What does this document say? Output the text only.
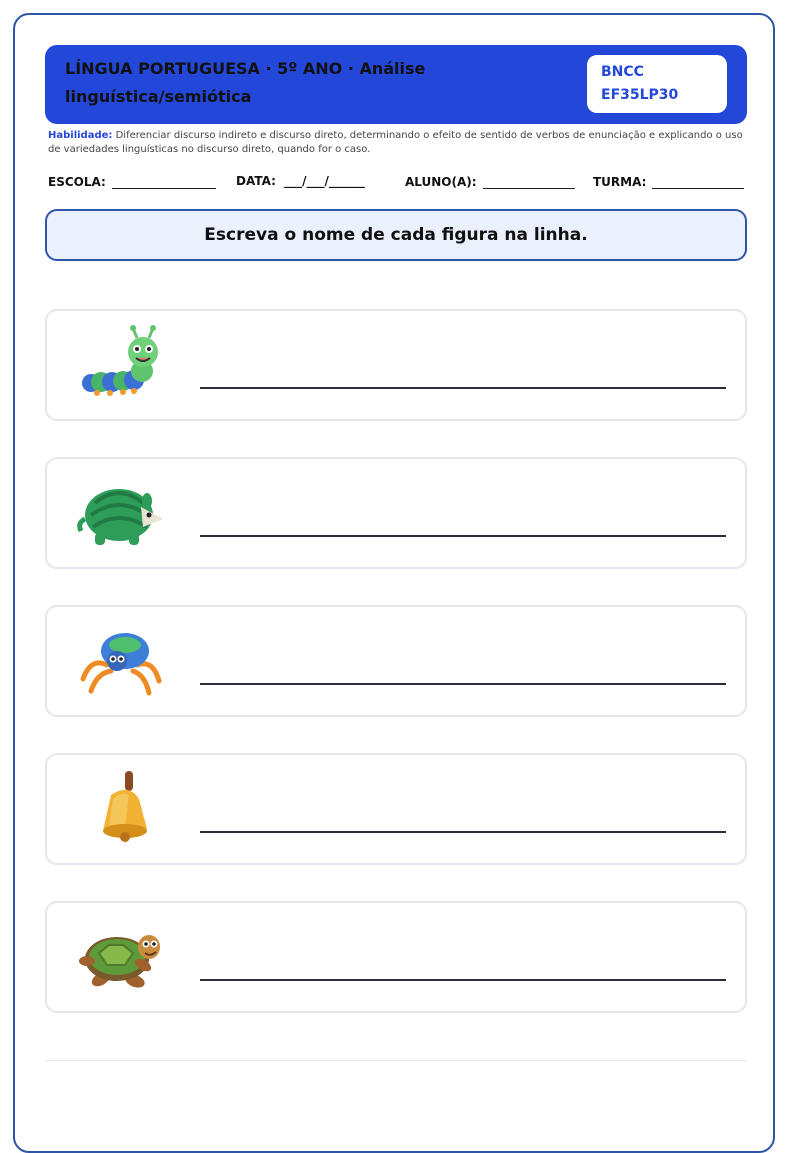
LÍNGUA PORTUGUESA · 5º ANO · Análise linguística/semiótica
BNCC
EF35LP30
Habilidade: Diferenciar discurso indireto e discurso direto, determinando o efeito de sentido de verbos de enunciação e explicando o uso de variedades linguísticas no discurso direto, quando for o caso.
ESCOLA:	DATA: ___/___/______	ALUNO(A):	TURMA:
Escreva o nome de cada figura na linha.
